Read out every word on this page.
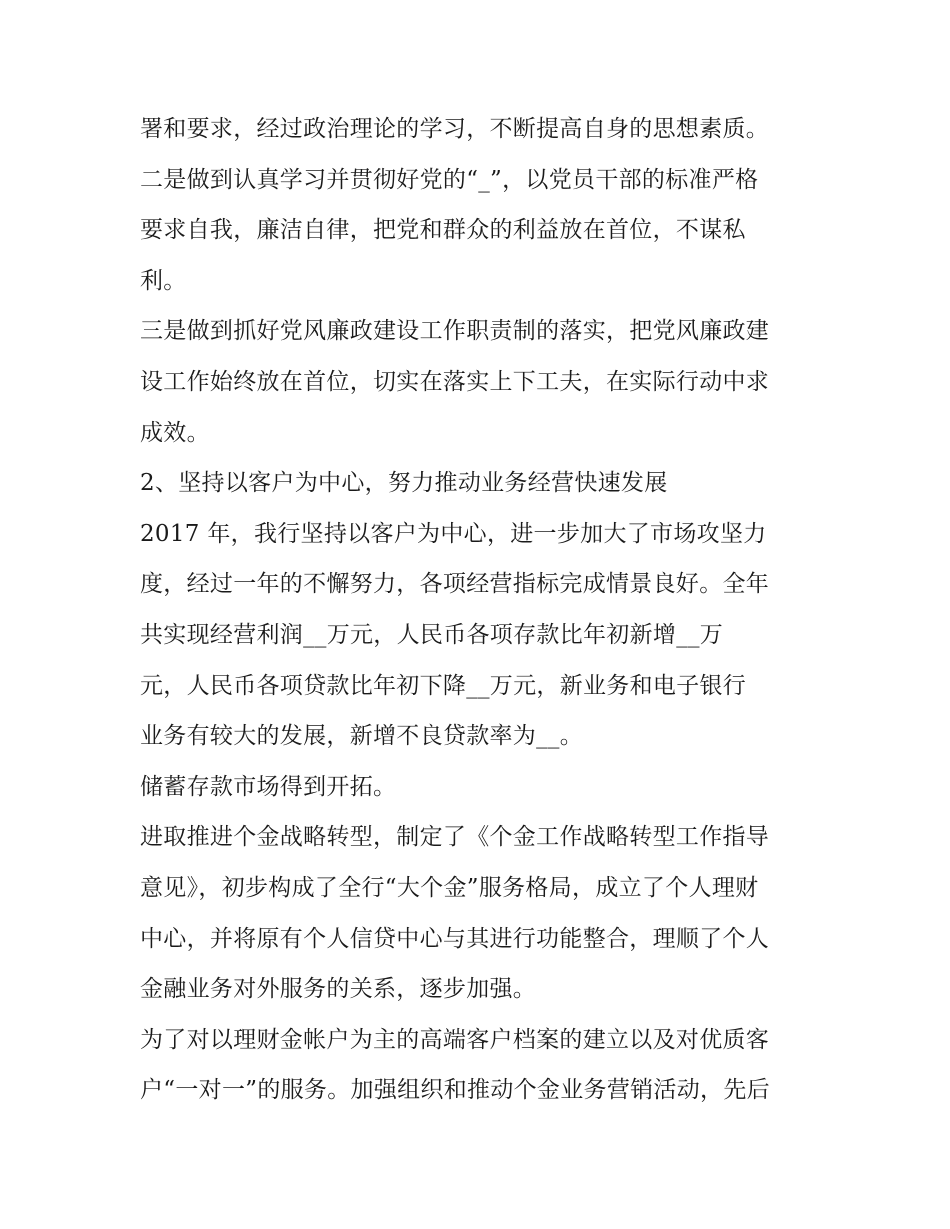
署和要求，经过政治理论的学习，不断提高自身的思想素质。
二是做到认真学习并贯彻好党的“_”，以党员干部的标准严格
要求自我，廉洁自律，把党和群众的利益放在首位，不谋私
利。
三是做到抓好党风廉政建设工作职责制的落实，把党风廉政建
设工作始终放在首位，切实在落实上下工夫，在实际行动中求
成效。
2、坚持以客户为中心，努力推动业务经营快速发展
2017 年，我行坚持以客户为中心，进一步加大了市场攻坚力
度，经过一年的不懈努力，各项经营指标完成情景良好。全年
共实现经营利润__万元，人民币各项存款比年初新增__万
元，人民币各项贷款比年初下降__万元，新业务和电子银行
业务有较大的发展，新增不良贷款率为__。
储蓄存款市场得到开拓。
进取推进个金战略转型，制定了《个金工作战略转型工作指导
意见》，初步构成了全行“大个金”服务格局，成立了个人理财
中心，并将原有个人信贷中心与其进行功能整合，理顺了个人
金融业务对外服务的关系，逐步加强。
为了对以理财金帐户为主的高端客户档案的建立以及对优质客
户“一对一”的服务。加强组织和推动个金业务营销活动，先后
